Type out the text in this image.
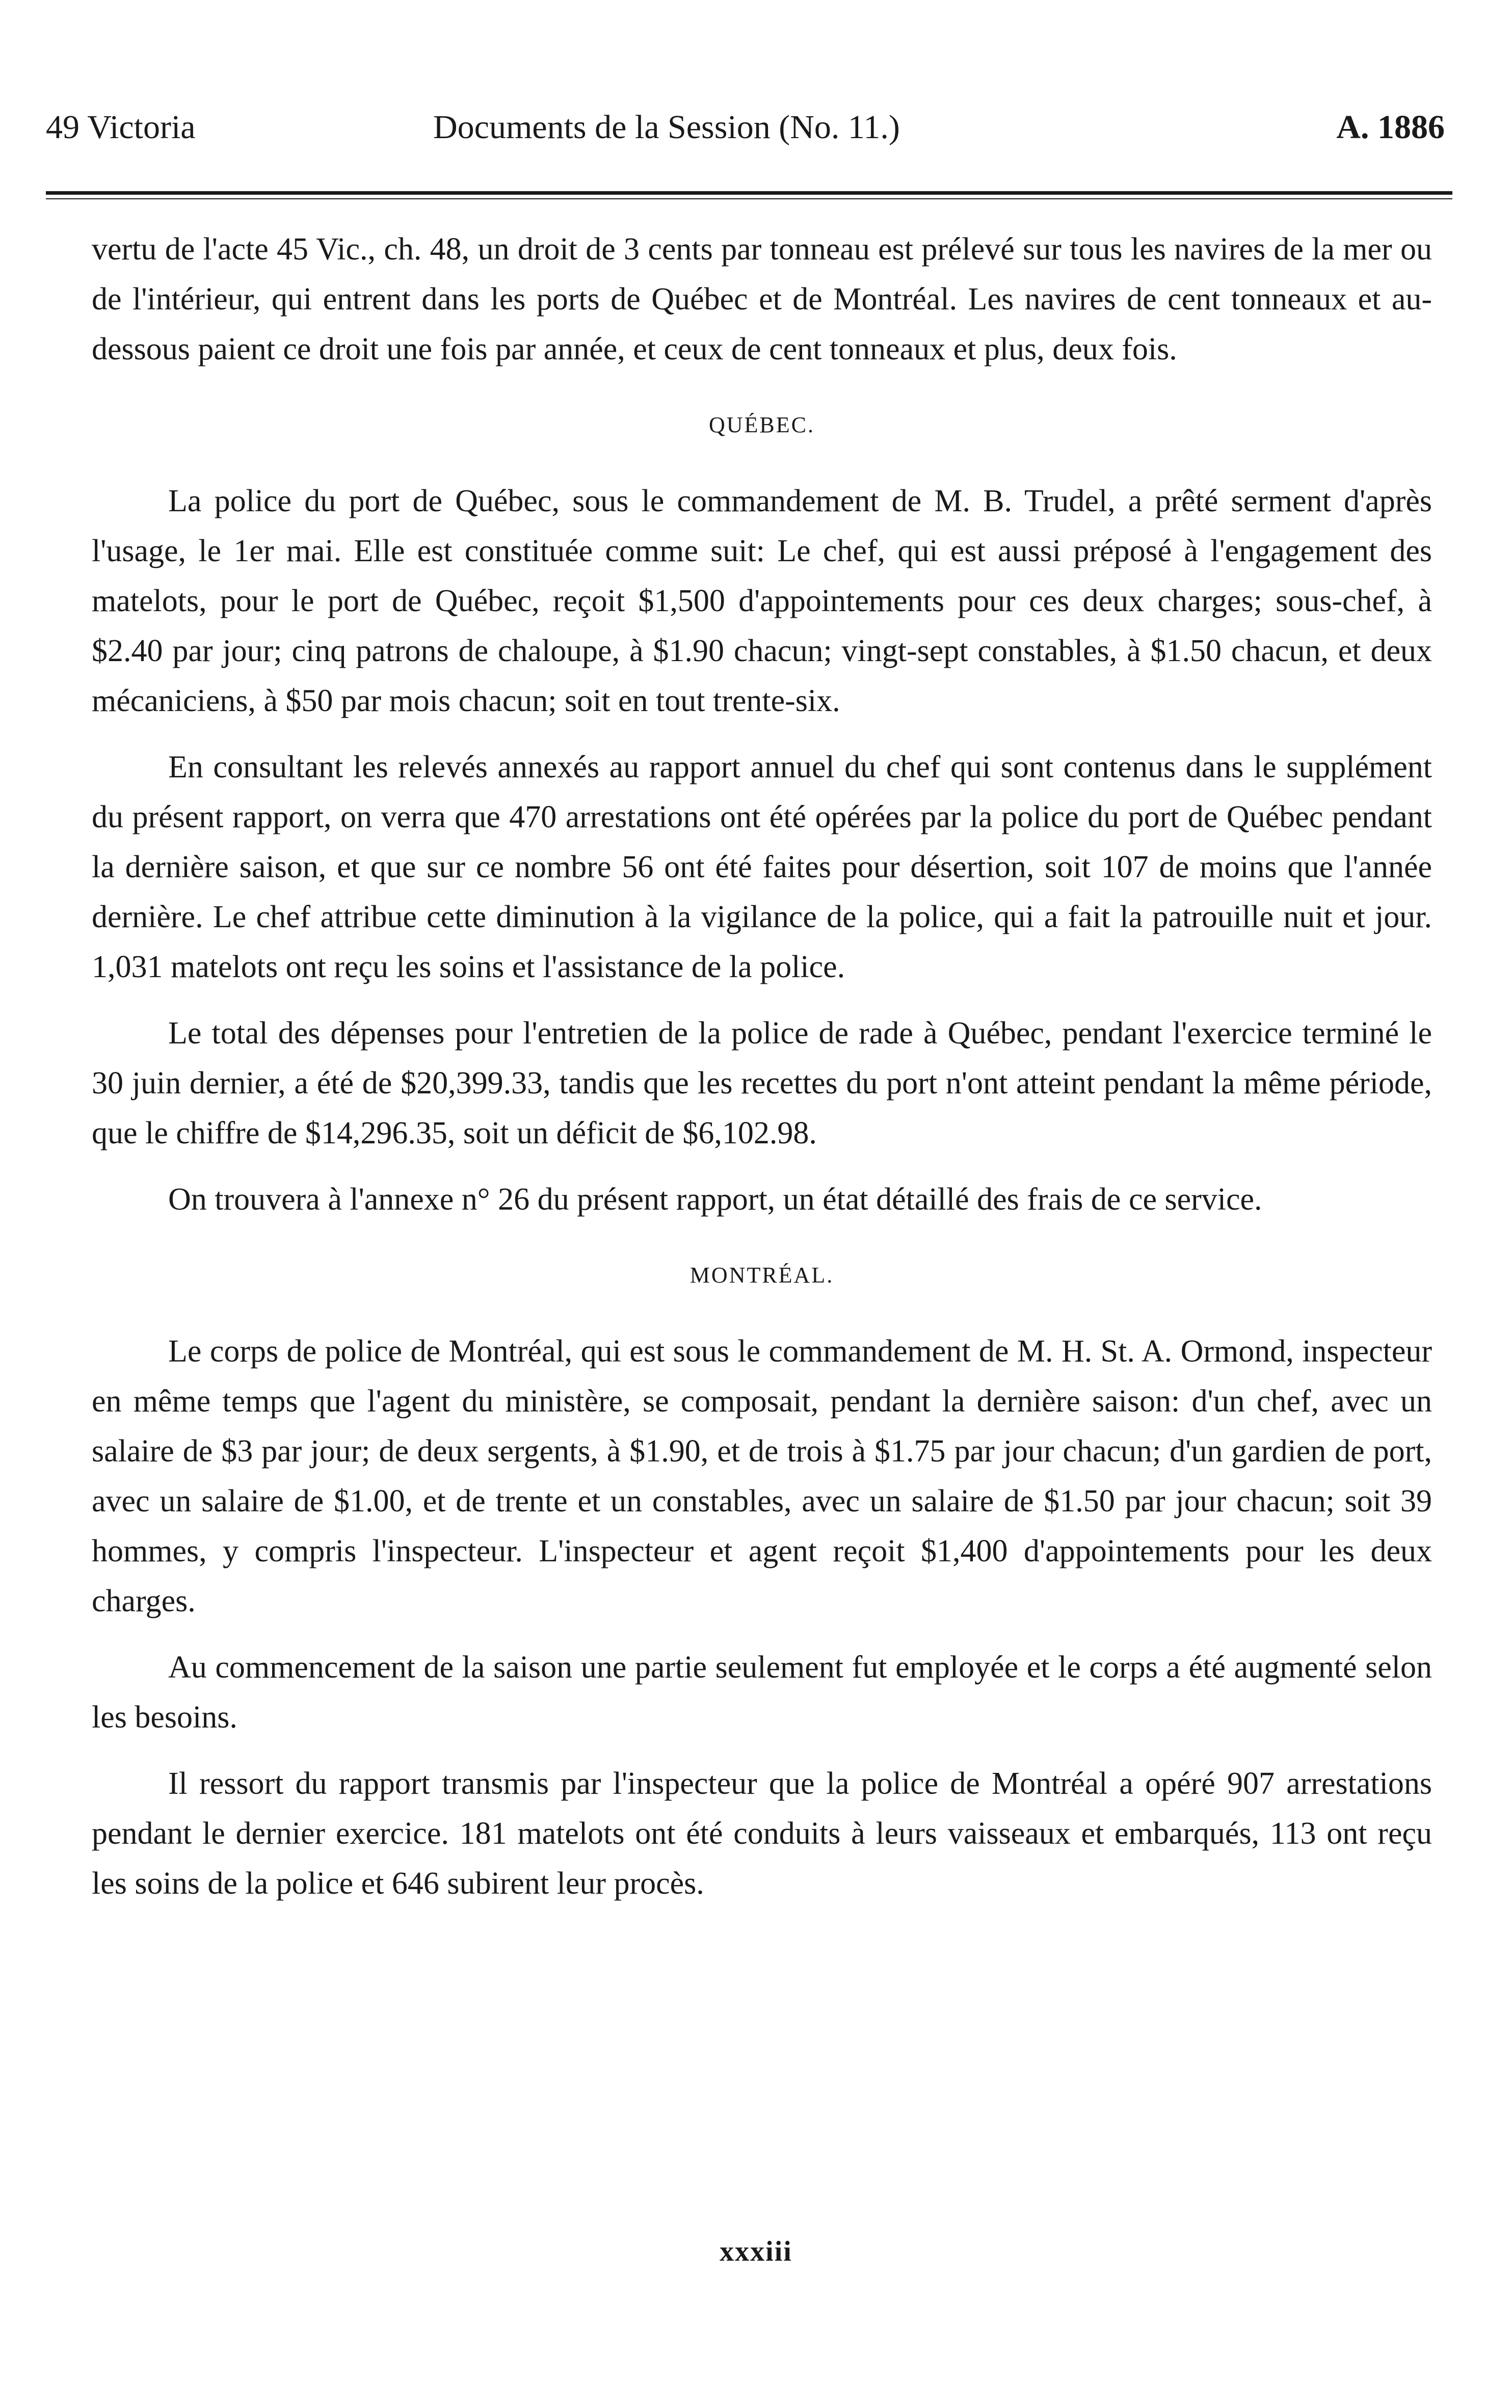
49 Victoria	Documents de la Session (No. 11.)	A. 1886

vertu de l'acte 45 Vic., ch. 48, un droit de 3 cents par tonneau est prélevé sur tous les navires de la mer ou de l'intérieur, qui entrent dans les ports de Québec et de Montréal. Les navires de cent tonneaux et au-dessous paient ce droit une fois par année, et ceux de cent tonneaux et plus, deux fois.

QUÉBEC.

La police du port de Québec, sous le commandement de M. B. Trudel, a prêté serment d'après l'usage, le 1er mai. Elle est constituée comme suit: Le chef, qui est aussi préposé à l'engagement des matelots, pour le port de Québec, reçoit $1,500 d'appointements pour ces deux charges; sous-chef, à $2.40 par jour; cinq patrons de chaloupe, à $1.90 chacun; vingt-sept constables, à $1.50 chacun, et deux mécaniciens, à $50 par mois chacun; soit en tout trente-six.

En consultant les relevés annexés au rapport annuel du chef qui sont contenus dans le supplément du présent rapport, on verra que 470 arrestations ont été opérées par la police du port de Québec pendant la dernière saison, et que sur ce nombre 56 ont été faites pour désertion, soit 107 de moins que l'année dernière. Le chef attribue cette diminution à la vigilance de la police, qui a fait la patrouille nuit et jour. 1,031 matelots ont reçu les soins et l'assistance de la police.

Le total des dépenses pour l'entretien de la police de rade à Québec, pendant l'exercice terminé le 30 juin dernier, a été de $20,399.33, tandis que les recettes du port n'ont atteint pendant la même période, que le chiffre de $14,296.35, soit un déficit de $6,102.98.

On trouvera à l'annexe n° 26 du présent rapport, un état détaillé des frais de ce service.

MONTRÉAL.

Le corps de police de Montréal, qui est sous le commandement de M. H. St. A. Ormond, inspecteur en même temps que l'agent du ministère, se composait, pendant la dernière saison: d'un chef, avec un salaire de $3 par jour; de deux sergents, à $1.90, et de trois à $1.75 par jour chacun; d'un gardien de port, avec un salaire de $1.00, et de trente et un constables, avec un salaire de $1.50 par jour chacun; soit 39 hommes, y compris l'inspecteur. L'inspecteur et agent reçoit $1,400 d'appointements pour les deux charges.

Au commencement de la saison une partie seulement fut employée et le corps a été augmenté selon les besoins.

Il ressort du rapport transmis par l'inspecteur que la police de Montréal a opéré 907 arrestations pendant le dernier exercice. 181 matelots ont été conduits à leurs vaisseaux et embarqués, 113 ont reçu les soins de la police et 646 subirent leur procès.

xxxiii
